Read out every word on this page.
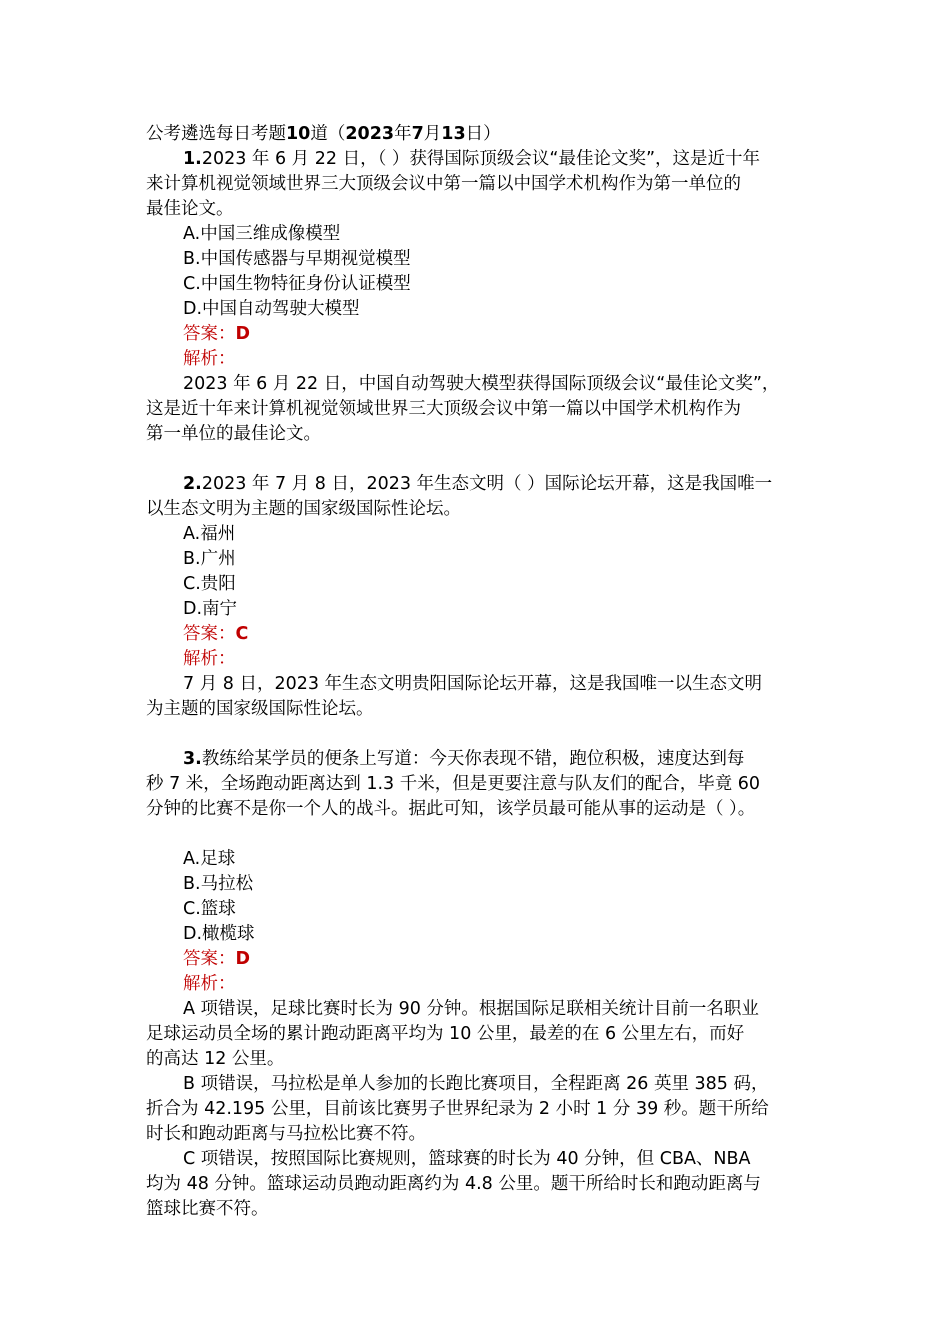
公考遴选每日考题10道（2023年7月13日）
1.2023 年 6 月 22 日，（ ）获得国际顶级会议“最佳论文奖”，这是近十年
来计算机视觉领域世界三大顶级会议中第一篇以中国学术机构作为第一单位的
最佳论文。
A.中国三维成像模型
B.中国传感器与早期视觉模型
C.中国生物特征身份认证模型
D.中国自动驾驶大模型
答案：D
解析：
2023 年 6 月 22 日，中国自动驾驶大模型获得国际顶级会议“最佳论文奖”，
这是近十年来计算机视觉领域世界三大顶级会议中第一篇以中国学术机构作为
第一单位的最佳论文。
2.2023 年 7 月 8 日，2023 年生态文明（ ）国际论坛开幕，这是我国唯一
以生态文明为主题的国家级国际性论坛。
A.福州
B.广州
C.贵阳
D.南宁
答案：C
解析：
7 月 8 日，2023 年生态文明贵阳国际论坛开幕，这是我国唯一以生态文明
为主题的国家级国际性论坛。
3.教练给某学员的便条上写道：今天你表现不错，跑位积极，速度达到每
秒 7 米，全场跑动距离达到 1.3 千米，但是更要注意与队友们的配合，毕竟 60
分钟的比赛不是你一个人的战斗。据此可知，该学员最可能从事的运动是（ ）。
A.足球
B.马拉松
C.篮球
D.橄榄球
答案：D
解析：
A 项错误，足球比赛时长为 90 分钟。根据国际足联相关统计目前一名职业
足球运动员全场的累计跑动距离平均为 10 公里，最差的在 6 公里左右，而好
的高达 12 公里。
B 项错误，马拉松是单人参加的长跑比赛项目，全程距离 26 英里 385 码，
折合为 42.195 公里，目前该比赛男子世界纪录为 2 小时 1 分 39 秒。题干所给
时长和跑动距离与马拉松比赛不符。
C 项错误，按照国际比赛规则，篮球赛的时长为 40 分钟，但 CBA、NBA
均为 48 分钟。篮球运动员跑动距离约为 4.8 公里。题干所给时长和跑动距离与
篮球比赛不符。
